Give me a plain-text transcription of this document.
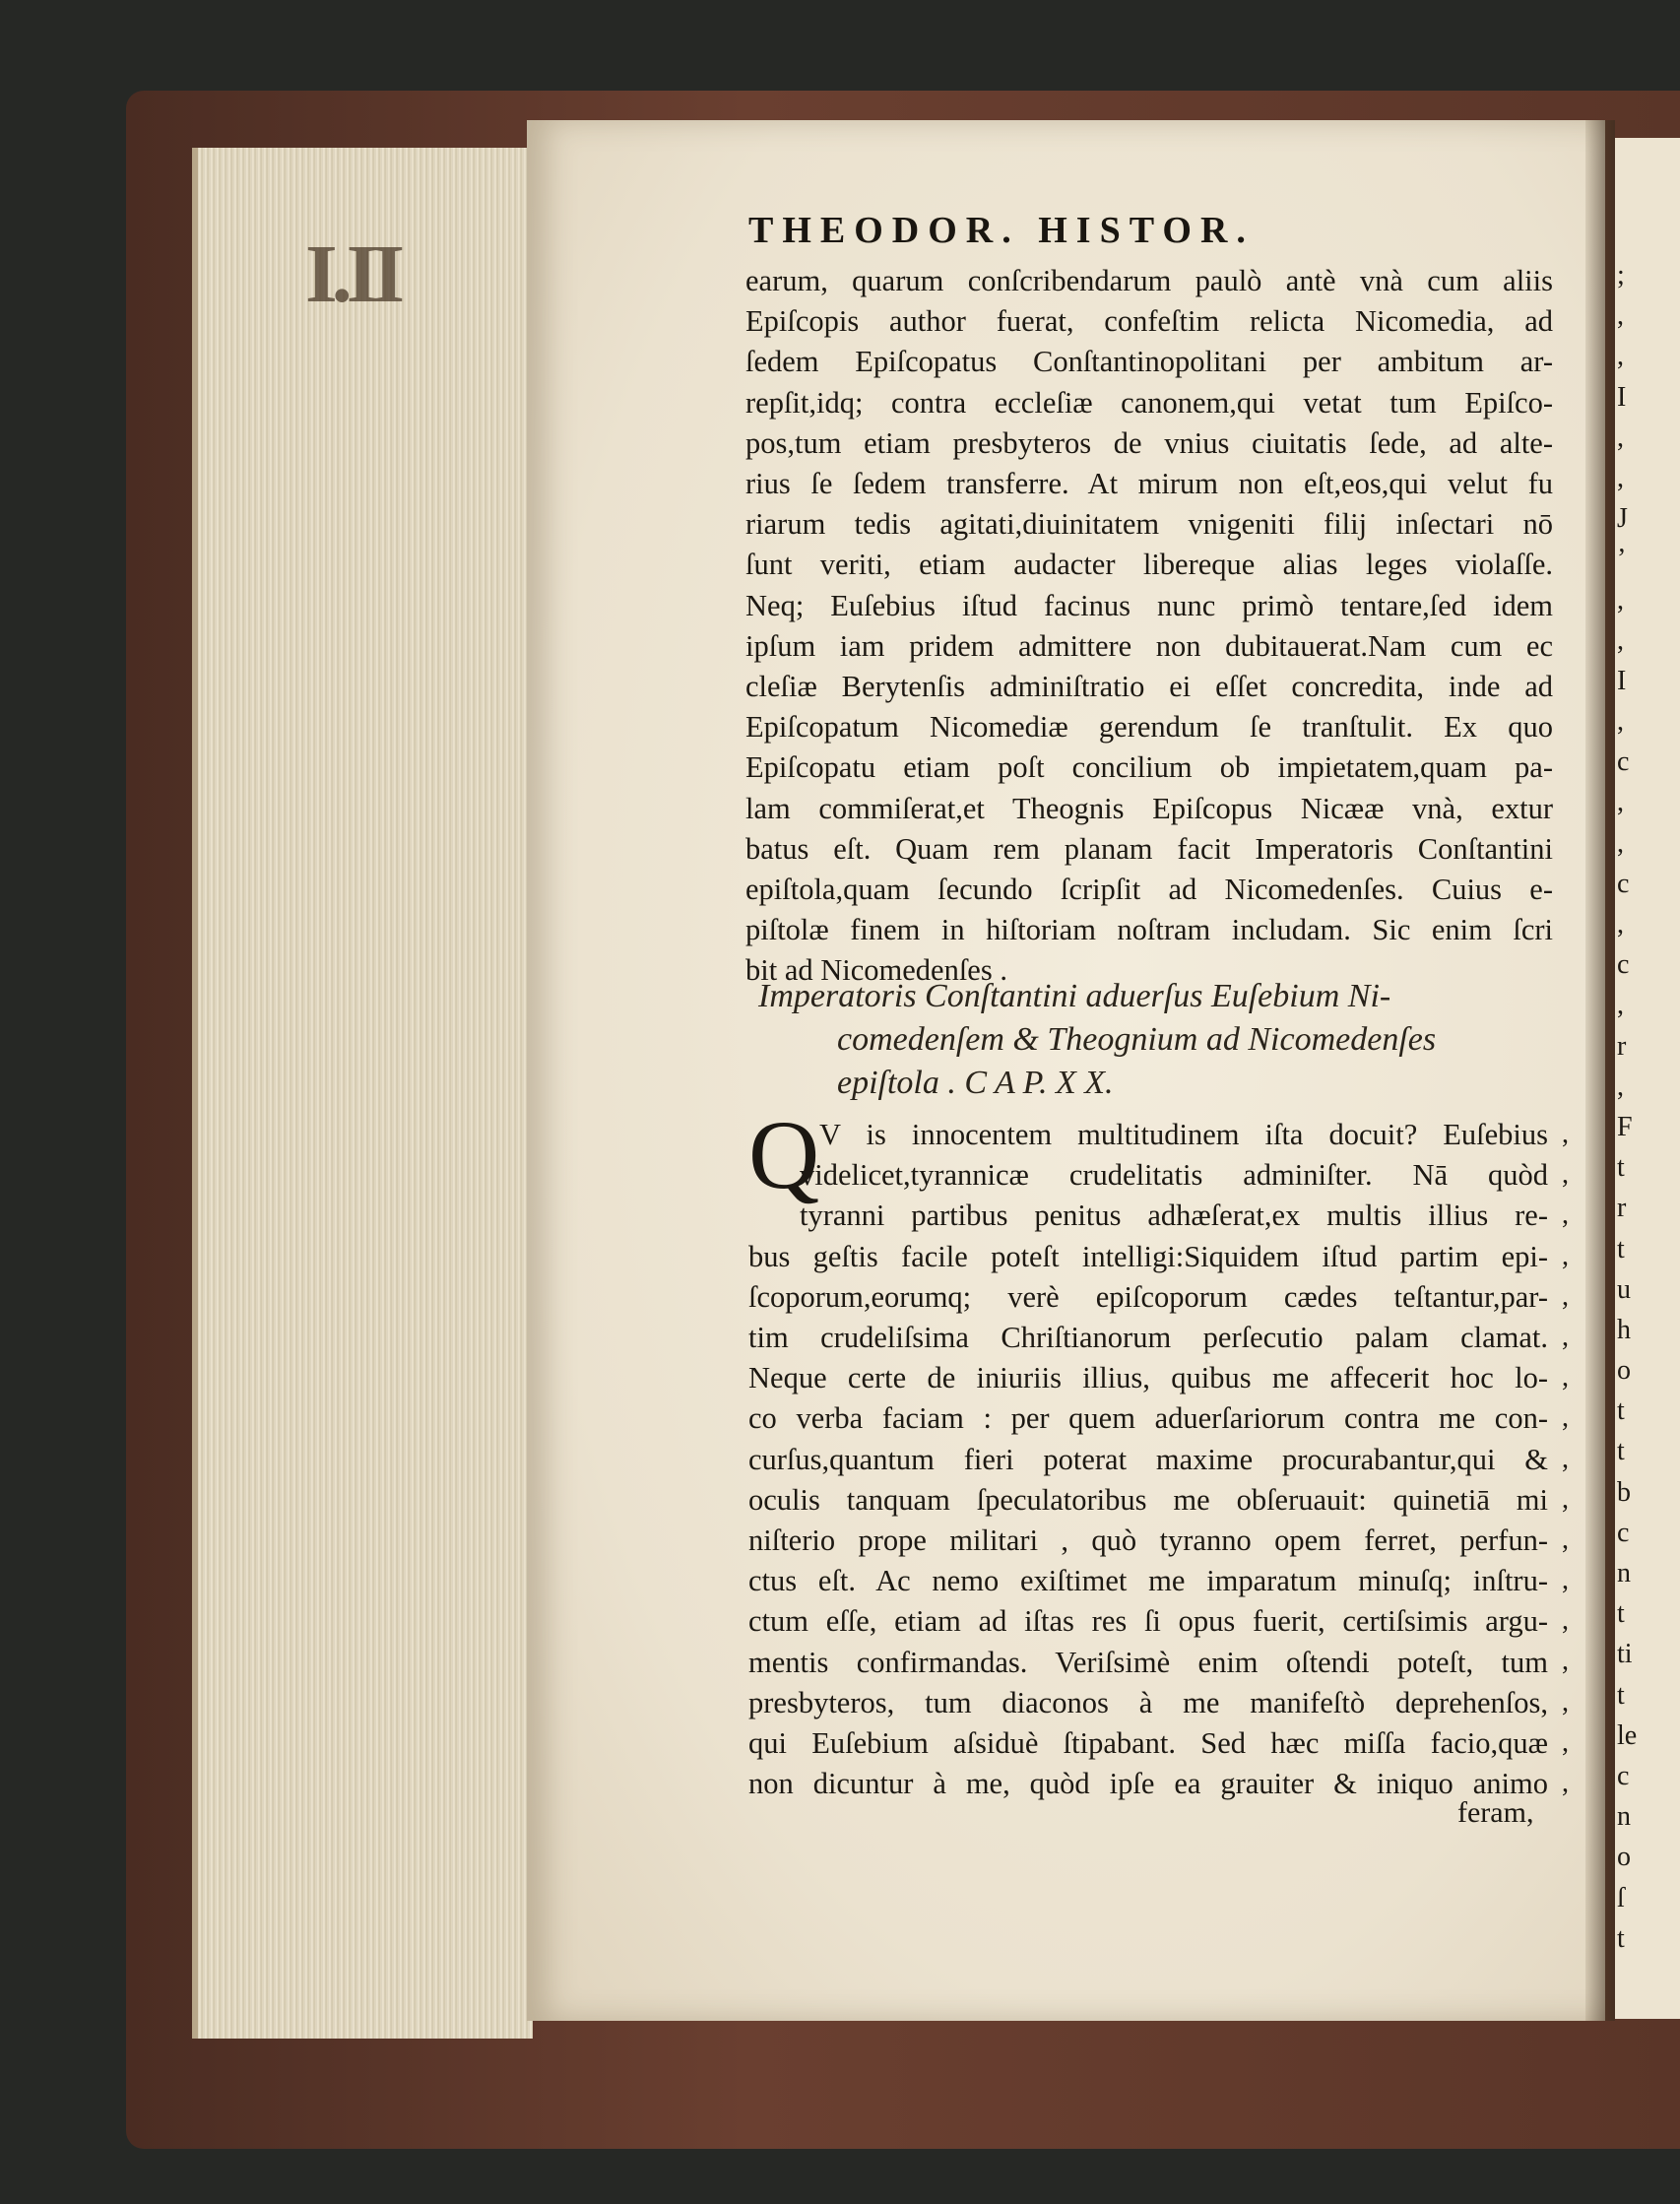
I.II	;
,
,
I
,
,
J
’
,
,
I
,
c
,
,
c
,
c
,
r
,
F
t
r
t
u
h
o
t
t
b
c
n
t
ti
t
le
c
n
o
ſ
t
THEODOR. HISTOR.
earum, quarum conſcribendarum paulò antè vnà cum aliis
Epiſcopis author fuerat, confeſtim relicta Nicomedia, ad
ſedem Epiſcopatus Conſtantinopolitani per ambitum ar-
repſit,idq; contra eccleſiæ canonem,qui vetat tum Epiſco-
pos,tum etiam presbyteros de vnius ciuitatis ſede, ad alte-
rius ſe ſedem transferre. At mirum non eſt,eos,qui velut fu
riarum tedis agitati,diuinitatem vnigeniti filij inſectari nō
ſunt veriti, etiam audacter libereque alias leges violaſſe.
Neq; Euſebius iſtud facinus nunc primò tentare,ſed idem
ipſum iam pridem admittere non dubitauerat.Nam cum ec
cleſiæ Berytenſis adminiſtratio ei eſſet concredita, inde ad
Epiſcopatum Nicomediæ gerendum ſe tranſtulit. Ex quo
Epiſcopatu etiam poſt concilium ob impietatem,quam pa-
lam commiſerat,et Theognis Epiſcopus Nicææ vnà, extur
batus eſt. Quam rem planam facit Imperatoris Conſtantini
epiſtola,quam ſecundo ſcripſit ad Nicomedenſes. Cuius e-
piſtolæ finem in hiſtoriam noſtram includam. Sic enim ſcri
bit ad Nicomedenſes .
Imperatoris Conſtantini aduerſus Euſebium Ni-
comedenſem & Theognium ad Nicomedenſes
epiſtola . C A P. X X.
Q V is innocentem multitudinem iſta docuit? Euſebius
videlicet,tyrannicæ crudelitatis adminiſter. Nā quòd
tyranni partibus penitus adhæſerat,ex multis illius re-
bus geſtis facile poteſt intelligi:Siquidem iſtud partim epi-
ſcoporum,eorumq; verè epiſcoporum cædes teſtantur,par-
tim crudeliſsima Chriſtianorum perſecutio palam clamat.
Neque certe de iniuriis illius, quibus me affecerit hoc lo-
co verba faciam : per quem aduerſariorum contra me con-
curſus,quantum fieri poterat maxime procurabantur,qui &
oculis tanquam ſpeculatoribus me obſeruauit: quinetiā mi
niſterio prope militari , quò tyranno opem ferret, perfun-
ctus eſt. Ac nemo exiſtimet me imparatum minuſq; inſtru-
ctum eſſe, etiam ad iſtas res ſi opus fuerit, certiſsimis argu-
mentis confirmandas. Veriſsimè enim oſtendi poteſt, tum
presbyteros, tum diaconos à me manifeſtò deprehenſos,
qui Euſebium aſsiduè ſtipabant. Sed hæc miſſa facio,quæ
non dicuntur à me, quòd ipſe ea grauiter & iniquo animo
,
,
,
,
,
,
,
,
,
,
,
,
,
,
,
,
,
feram,
